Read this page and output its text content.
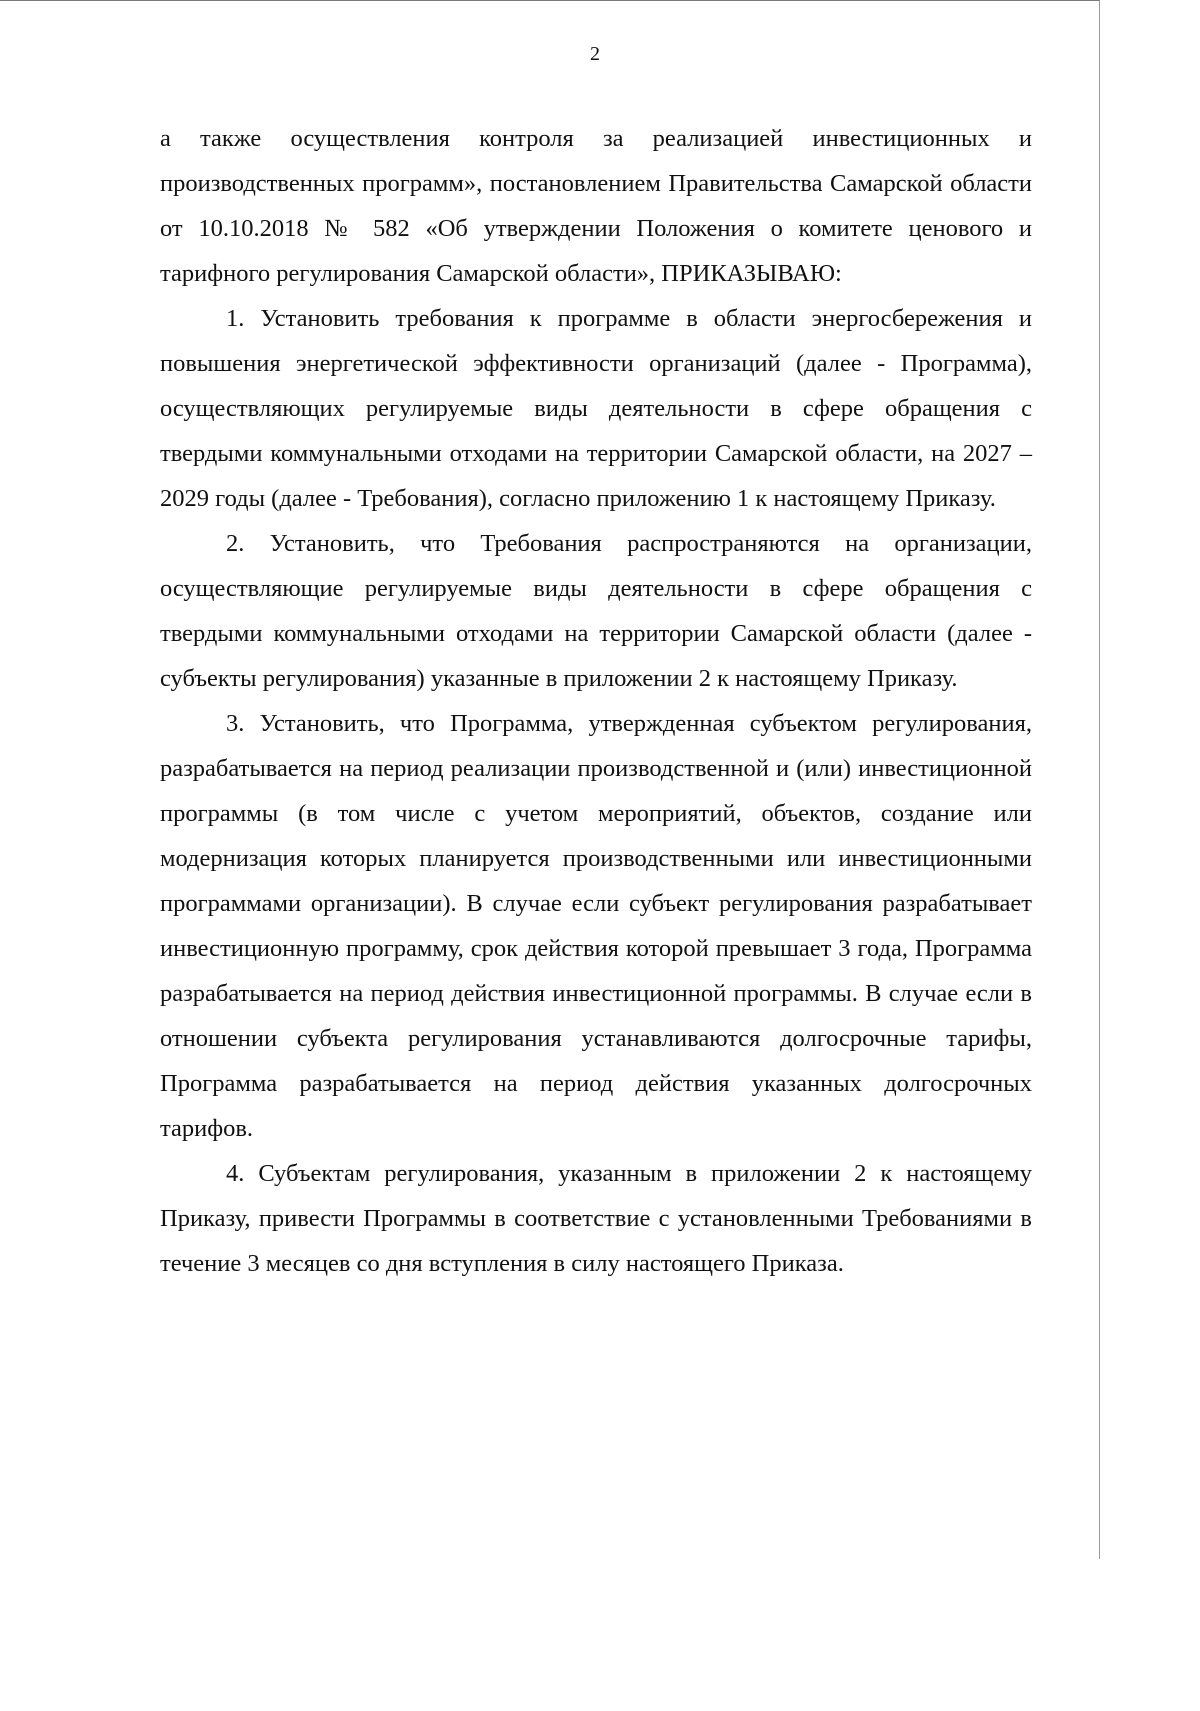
2

а также осуществления контроля за реализацией инвестиционных и производственных программ», постановлением Правительства Самарской области от 10.10.2018 № 582 «Об утверждении Положения о комитете ценового и тарифного регулирования Самарской области», ПРИКАЗЫВАЮ:

1. Установить требования к программе в области энергосбережения и повышения энергетической эффективности организаций (далее - Программа), осуществляющих регулируемые виды деятельности в сфере обращения с твердыми коммунальными отходами на территории Самарской области, на 2027 – 2029 годы (далее - Требования), согласно приложению 1 к настоящему Приказу.

2. Установить, что Требования распространяются на организации, осуществляющие регулируемые виды деятельности в сфере обращения с твердыми коммунальными отходами на территории Самарской области (далее - субъекты регулирования) указанные в приложении 2 к настоящему Приказу.

3. Установить, что Программа, утвержденная субъектом регулирования, разрабатывается на период реализации производственной и (или) инвестиционной программы (в том числе с учетом мероприятий, объектов, создание или модернизация которых планируется производственными или инвестиционными программами организации). В случае если субъект регулирования разрабатывает инвестиционную программу, срок действия которой превышает 3 года, Программа разрабатывается на период действия инвестиционной программы. В случае если в отношении субъекта регулирования устанавливаются долгосрочные тарифы, Программа разрабатывается на период действия указанных долгосрочных тарифов.

4. Субъектам регулирования, указанным в приложении 2 к настоящему Приказу, привести Программы в соответствие с установленными Требованиями в течение 3 месяцев со дня вступления в силу настоящего Приказа.
